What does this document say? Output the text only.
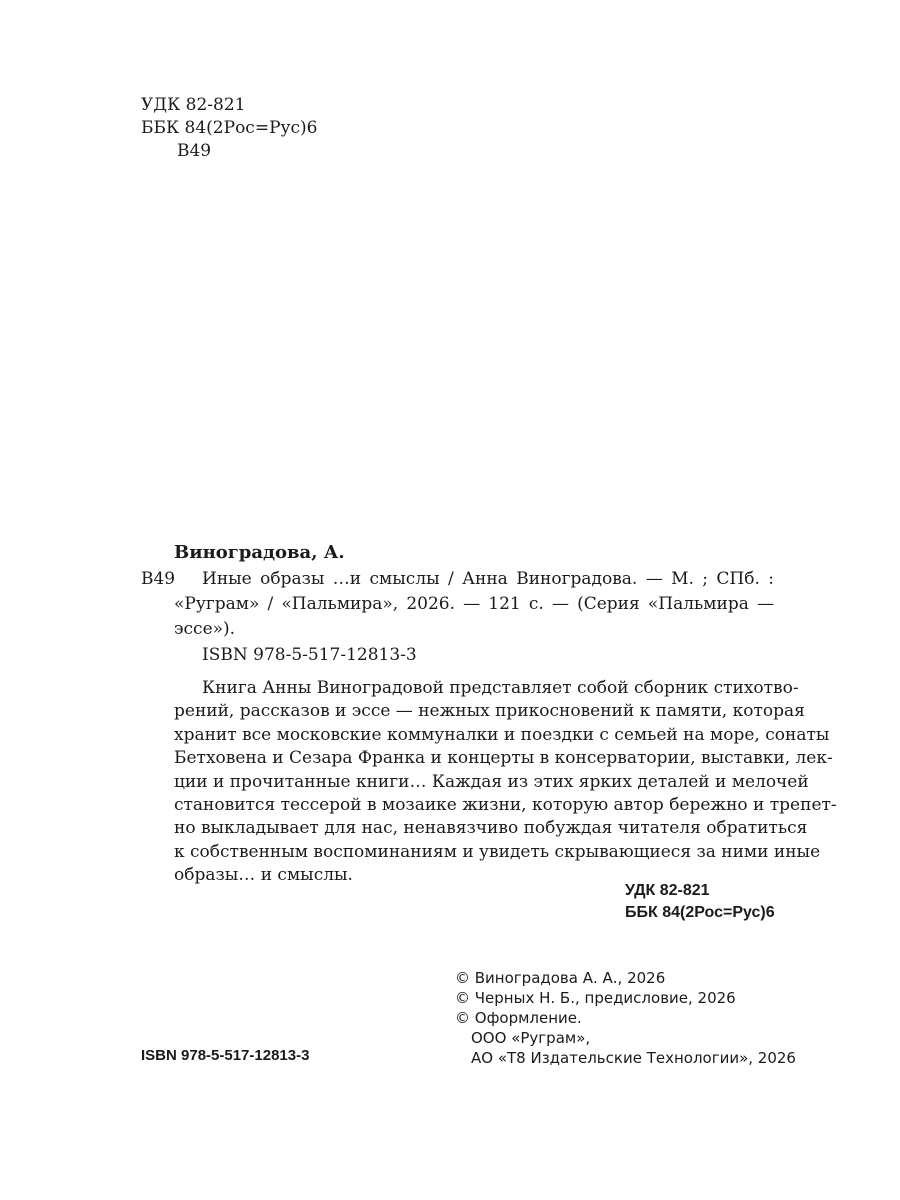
УДК 82-821
ББК 84(2Рос=Рус)6
В49
Виноградова, А.
В49	Иные образы …и смыслы / Анна Виноградова. — М. ; СПб. :
«Руграм» / «Пальмира», 2026. — 121 с. — (Серия «Пальмира —
эссе»).
ISBN 978-5-517-12813-3
Книга Анны Виноградовой представляет собой сборник стихотво-
рений, рассказов и эссе — нежных прикосновений к памяти, которая
хранит все московские коммуналки и поездки с семьей на море, сонаты
Бетховена и Сезара Франка и концерты в консерватории, выставки, лек-
ции и прочитанные книги… Каждая из этих ярких деталей и мелочей
становится тессерой в мозаике жизни, которую автор бережно и трепет-
но выкладывает для нас, ненавязчиво побуждая читателя обратиться
к собственным воспоминаниям и увидеть скрывающиеся за ними иные
образы… и смыслы.
УДК 82-821
ББК 84(2Рос=Рус)6
© Виноградова А. А., 2026
© Черных Н. Б., предисловие, 2026
© Оформление.
ООО «Руграм»,
АО «Т8 Издательские Технологии», 2026
ISBN 978-5-517-12813-3
